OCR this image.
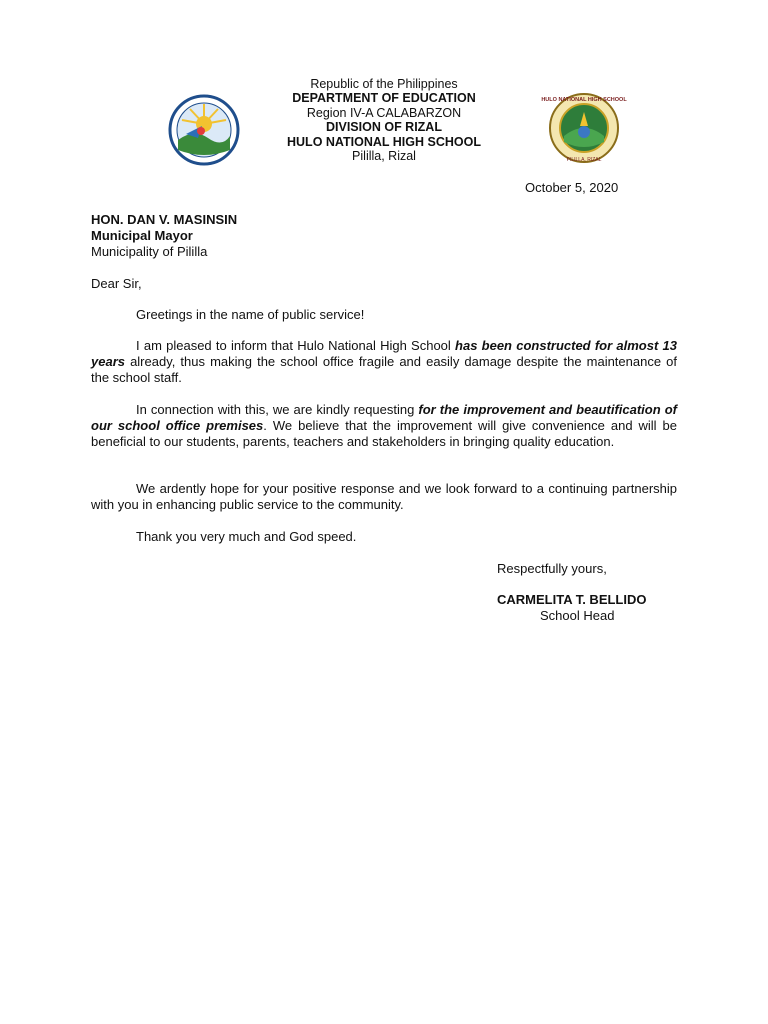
HULO NATIONAL HIGH SCHOOL
PILILLA, RIZAL
Republic of the Philippines
DEPARTMENT OF EDUCATION
Region IV-A CALABARZON
DIVISION OF RIZAL
HULO NATIONAL HIGH SCHOOL
Pililla, Rizal
October 5, 2020
HON. DAN V. MASINSIN
Municipal Mayor
Municipality of Pililla
Dear Sir,
Greetings in the name of public service!
I am pleased to inform that Hulo National High School has been constructed for almost 13 years already, thus making the school office fragile and easily damage despite the maintenance of the school staff.
In connection with this, we are kindly requesting for the improvement and beautification of our school office premises. We believe that the improvement will give convenience and will be beneficial to our students, parents, teachers and stakeholders in bringing quality education.
We ardently hope for your positive response and we look forward to a continuing partnership with you in enhancing public service to the community.
Thank you very much and God speed.
Respectfully yours,
CARMELITA T. BELLIDO
School Head
